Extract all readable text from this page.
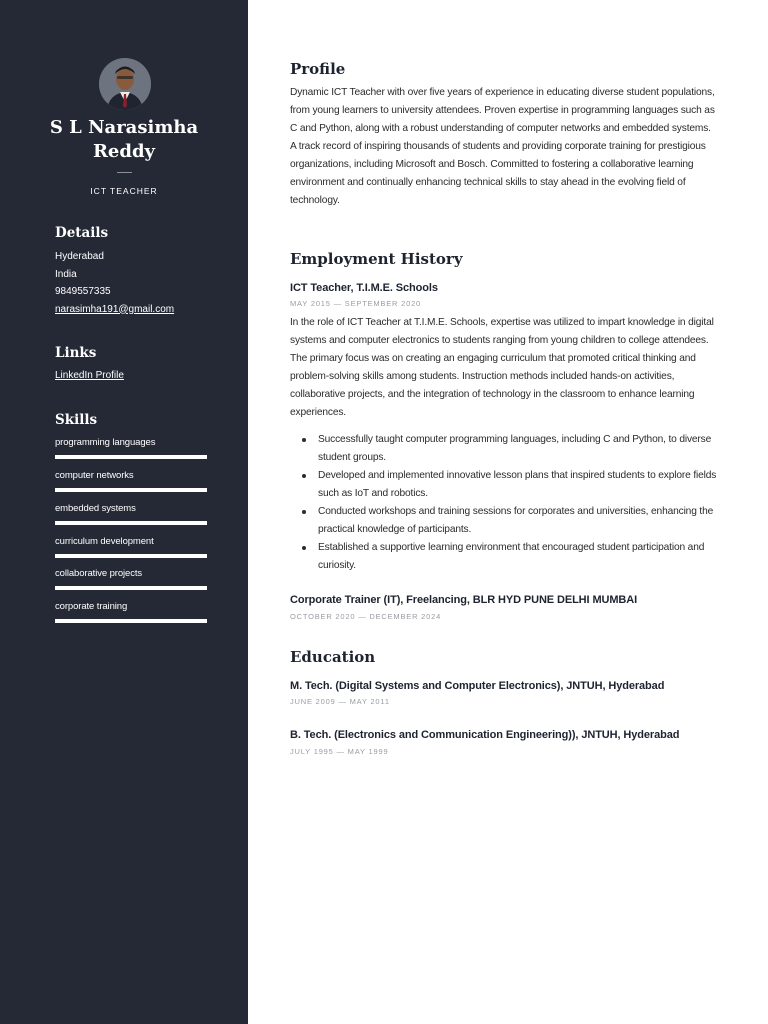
S L Narasimha
Reddy
ICT TEACHER
Details
Hyderabad
India
9849557335
narasimha191@gmail.com
Links
LinkedIn Profile
Skills
programming languages
computer networks
embedded systems
curriculum development
collaborative projects
corporate training
Profile
Dynamic ICT Teacher with over five years of experience in educating diverse student populations, from young learners to university attendees. Proven expertise in programming languages such as C and Python, along with a robust understanding of computer networks and embedded systems. A track record of inspiring thousands of students and providing corporate training for prestigious organizations, including Microsoft and Bosch. Committed to fostering a collaborative learning environment and continually enhancing technical skills to stay ahead in the evolving field of technology.
Employment History
ICT Teacher, T.I.M.E. Schools
MAY 2015 — SEPTEMBER 2020
In the role of ICT Teacher at T.I.M.E. Schools, expertise was utilized to impart knowledge in digital systems and computer electronics to students ranging from young children to college attendees. The primary focus was on creating an engaging curriculum that promoted critical thinking and problem-solving skills among students. Instruction methods included hands-on activities, collaborative projects, and the integration of technology in the classroom to enhance learning experiences.
Successfully taught computer programming languages, including C and Python, to diverse student groups.
Developed and implemented innovative lesson plans that inspired students to explore fields such as IoT and robotics.
Conducted workshops and training sessions for corporates and universities, enhancing the practical knowledge of participants.
Established a supportive learning environment that encouraged student participation and curiosity.
Corporate Trainer (IT), Freelancing, BLR HYD PUNE DELHI MUMBAI
OCTOBER 2020 — DECEMBER 2024
Education
M. Tech. (Digital Systems and Computer Electronics), JNTUH, Hyderabad
JUNE 2009 — MAY 2011
B. Tech. (Electronics and Communication Engineering)), JNTUH, Hyderabad
JULY 1995 — MAY 1999
